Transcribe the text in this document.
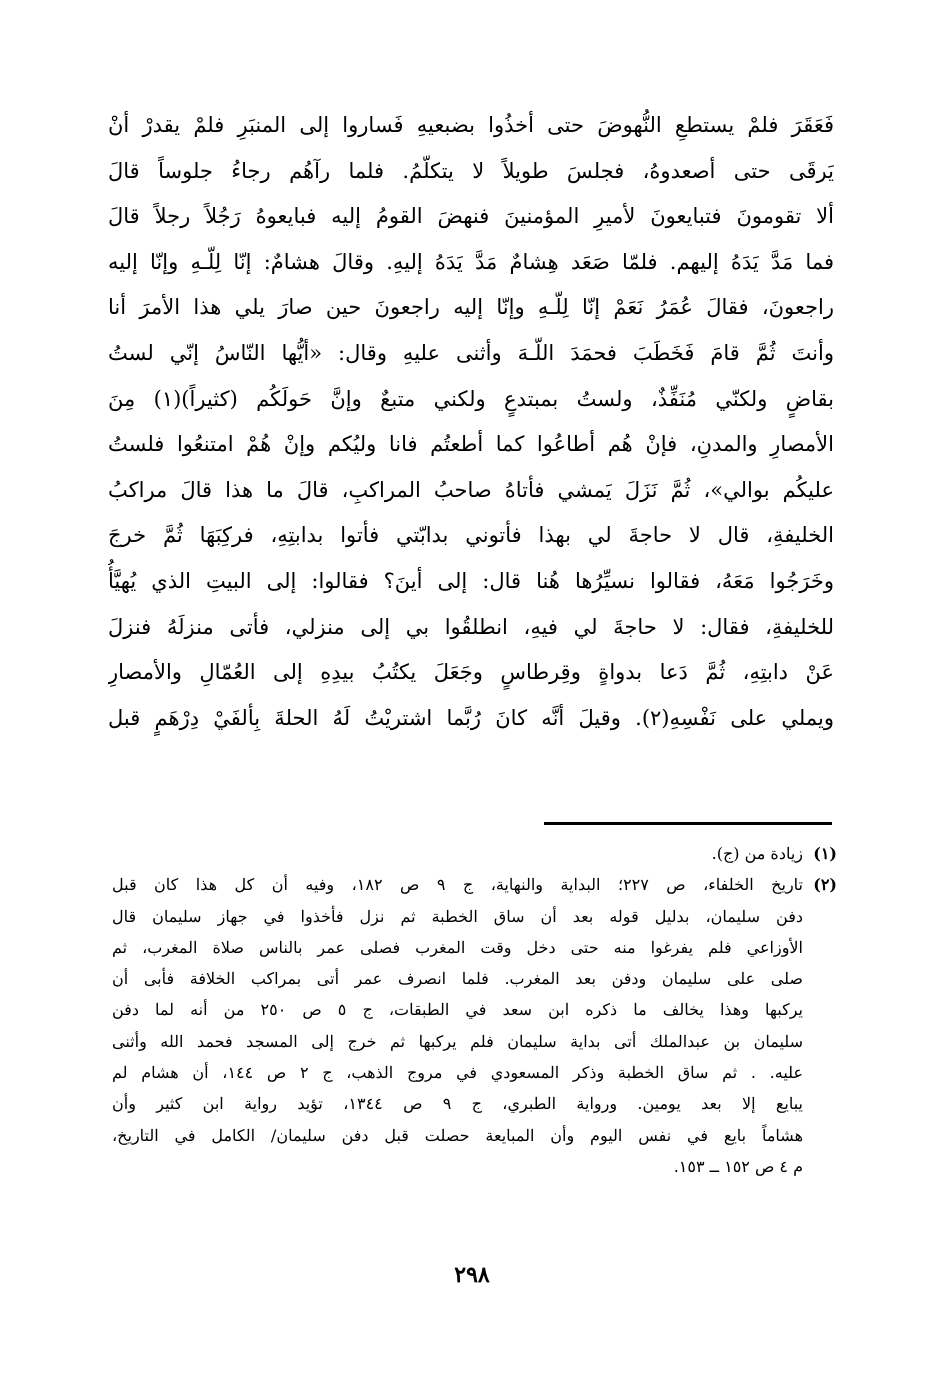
فَعَقَرَ فلمْ يستطعِ النُّهوضَ حتى أخذُوا بضبعيهِ فَساروا إلى المنبَرِ فلمْ يقدرْ أنْ
يَرقَى حتى أصعدوهُ، فجلسَ طويلاً لا يتكلّمُ. فلما رآهُم رجاءُ جلوساً قالَ
ألا تقومونَ فتبايعونَ لأميرِ المؤمنينَ فنهضَ القومُ إليه فبايعوهُ رَجُلاً رجلاً قالَ
فما مَدَّ يَدَهُ إليهم. فلمّا صَعَد هِشامٌ مَدَّ يَدَهُ إليهِ. وقالَ هشامٌ: إنّا لِلّـهِ وإنّا إليه
راجعونَ، فقالَ عُمَرُ نَعَمْ إنّا لِلّـهِ وإنّا إليه راجعونَ حين صارَ يلي هذا الأمرَ أنا
وأنتَ ثُمَّ قامَ فَخَطَبَ فحمَدَ اللّـهَ وأثنى عليهِ وقال: «أيُّها النّاسُ إنّي لستُ
بقاضٍ ولكنّي مُنَفِّذٌ، ولستُ بمبتدعٍ ولكني متبعٌ وإنَّ حَولَكُم (كثيراً)(١) مِنَ
الأمصارِ والمدنِ، فإنْ هُم أطاعُوا كما أطعتُم فانا وليُكم وإنْ هُمْ امتنعُوا فلستُ
عليكُم بوالي»، ثُمَّ نَزَلَ يَمشي فأتاهُ صاحبُ المراكبِ، قالَ ما هذا قالَ مراكبُ
الخليفةِ، قال لا حاجةَ لي بهذا فأتوني بدابّتي فأتوا بدابتِهِ، فركِبَهَا ثُمَّ خرجَ
وخَرَجُوا مَعَهُ، فقالوا نسيِّرُها هُنا قال: إلى أينَ؟ فقالوا: إلى البيتِ الذي يُهيَّأُ
للخليفةِ، فقال: لا حاجةَ لي فيهِ، انطلقُوا بي إلى منزلي، فأتى منزلَهُ فنزلَ
عَنْ دابتِهِ، ثُمَّ دَعا بدواةٍ وقِرطاسٍ وجَعَلَ يكتُبُ بيدِهِ إلى العُمّالِ والأمصارِ
ويملي على نَفْسِهِ(٢). وقيلَ أنَّه كانَ رُبَّما اشتريْتُ لَهُ الحلةَ بِألفَيْ دِرْهَمٍ قبل
(١)
زيادة من (ج).
(٢)
تاريخ الخلفاء، ص ٢٢٧؛ البداية والنهاية، ج ٩ ص ١٨٢، وفيه أن كل هذا كان قبل
دفن سليمان، بدليل قوله بعد أن ساق الخطبة ثم نزل فأخذوا في جهاز سليمان قال
الأوزاعي فلم يفرغوا منه حتى دخل وقت المغرب فصلى عمر بالناس صلاة المغرب، ثم
صلى على سليمان ودفن بعد المغرب. فلما انصرف عمر أتى بمراكب الخلافة فأبى أن
يركبها وهذا يخالف ما ذكره ابن سعد في الطبقات، ج ٥ ص ٢٥٠ من أنه لما دفن
سليمان بن عبدالملك أتى بداية سليمان فلم يركبها ثم خرج إلى المسجد فحمد الله وأثنى
عليه. . ثم ساق الخطبة وذكر المسعودي في مروج الذهب، ج ٢ ص ١٤٤، أن هشام لم
يبايع إلا بعد يومين. ورواية الطبري، ج ٩ ص ١٣٤٤، تؤيد رواية ابن كثير وأن
هشاماً بايع في نفس اليوم وأن المبايعة حصلت قبل دفن سليمان/ الكامل في التاريخ،
م ٤ ص ١٥٢ ــ ١٥٣.
٢٩٨
